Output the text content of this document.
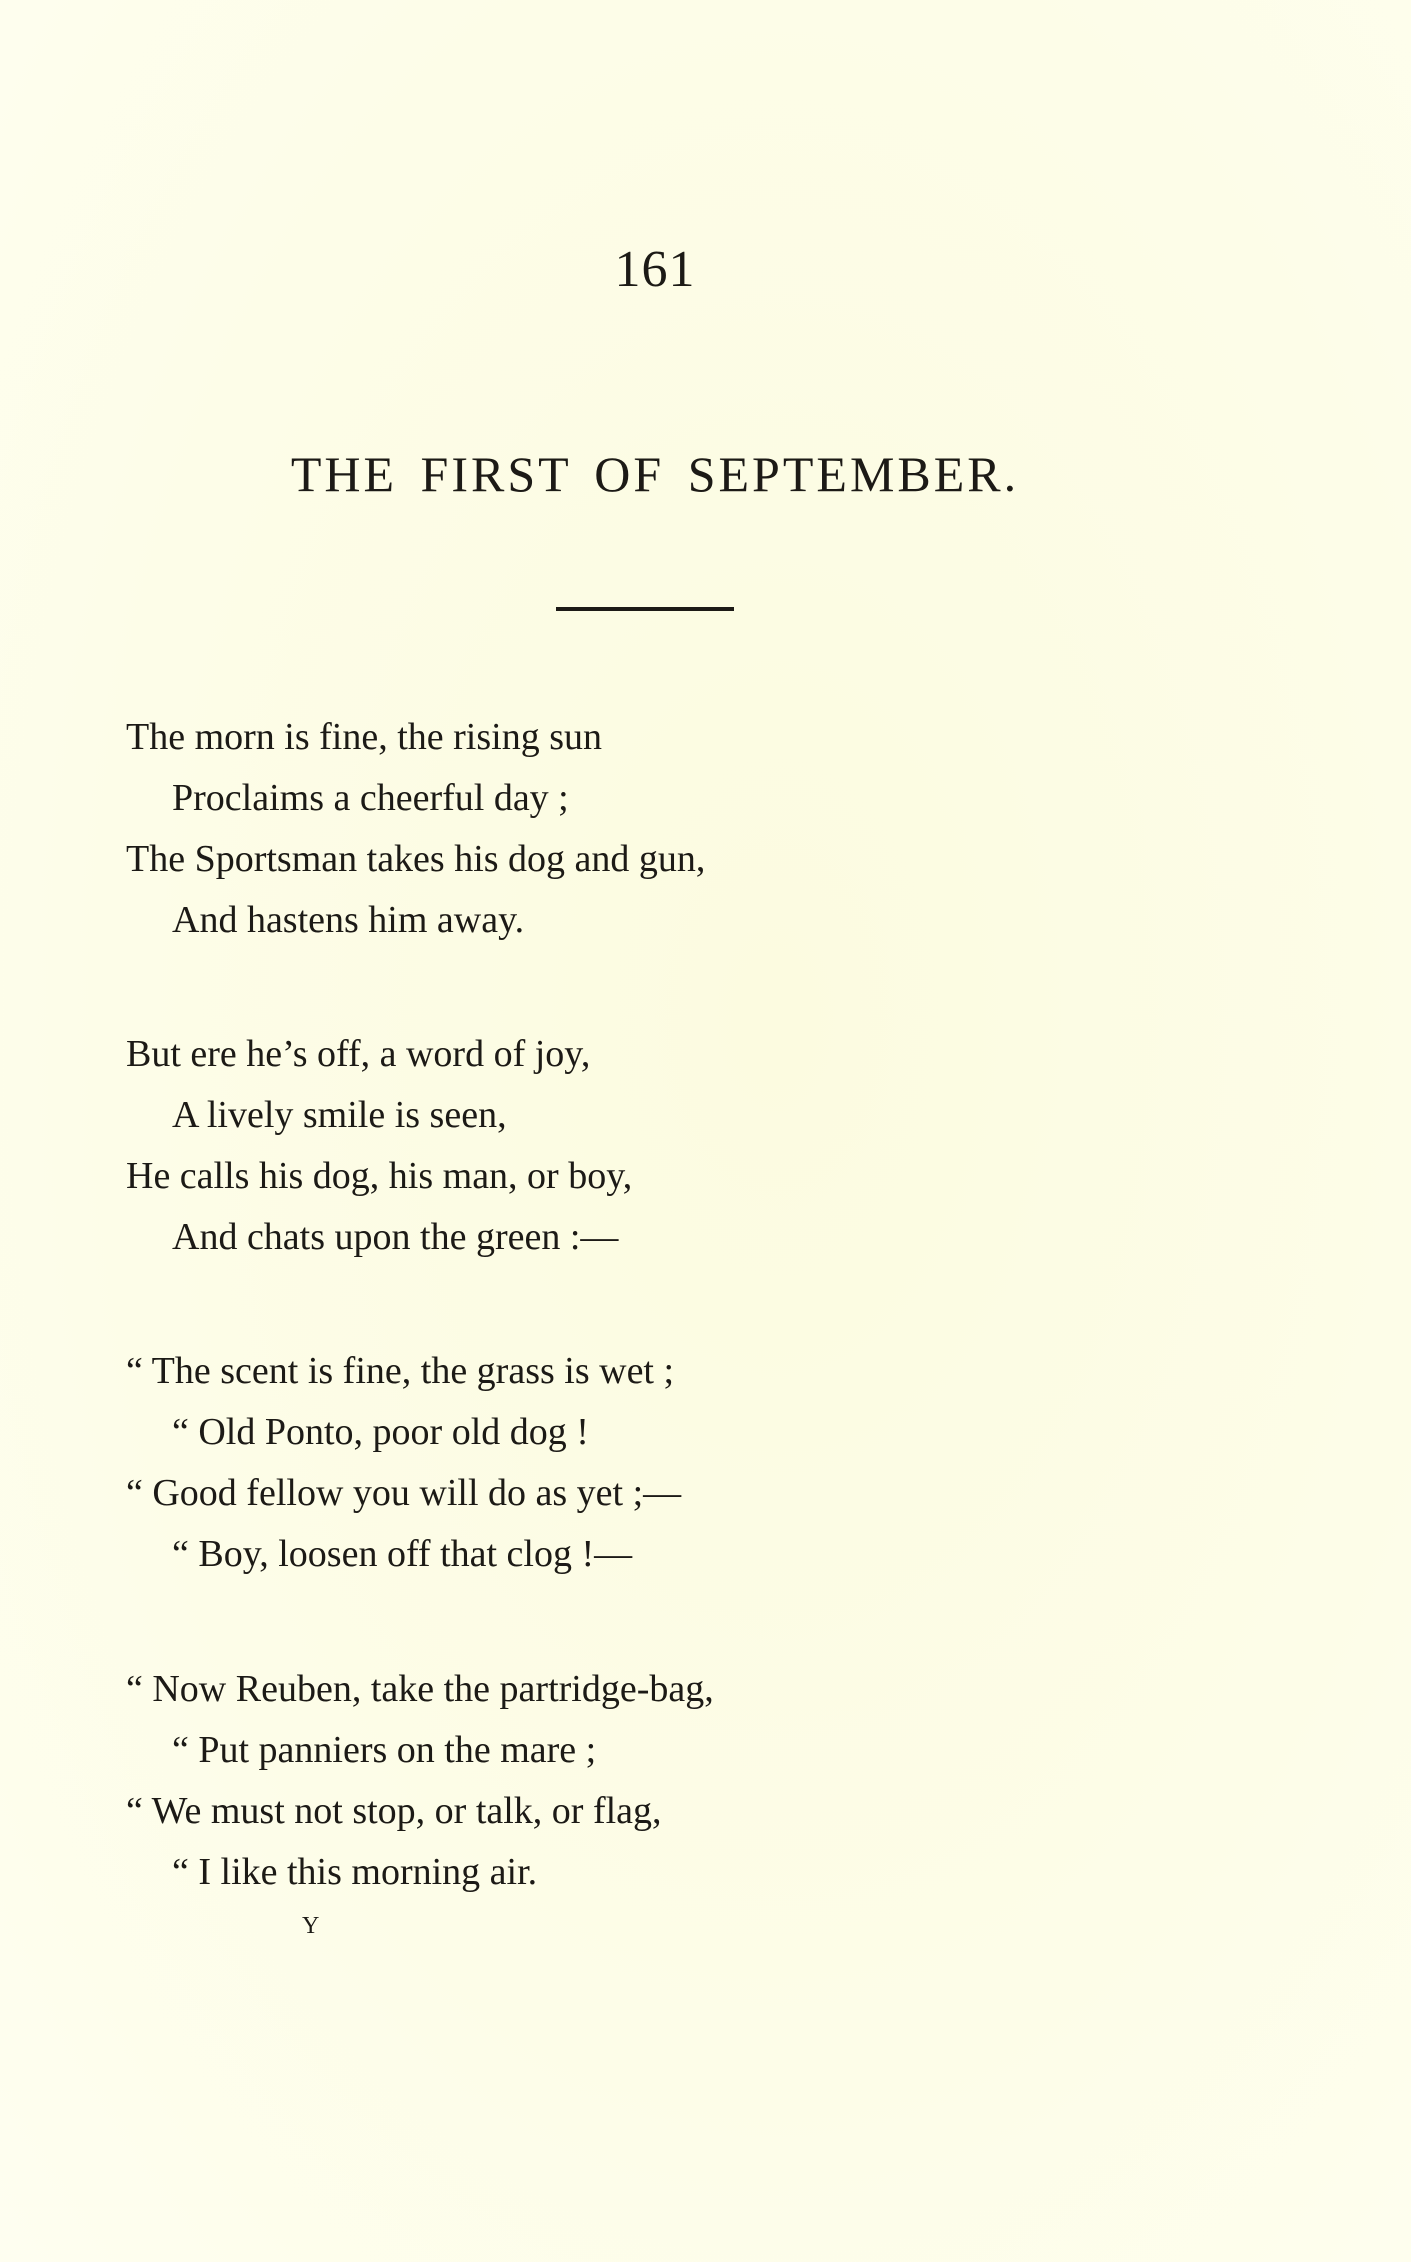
161
THE FIRST OF SEPTEMBER.
The morn is fine, the rising sun
Proclaims a cheerful day ;
The Sportsman takes his dog and gun,
And hastens him away.
But ere he’s off, a word of joy,
A lively smile is seen,
He calls his dog, his man, or boy,
And chats upon the green :—
“ The scent is fine, the grass is wet ;
“ Old Ponto, poor old dog !
“ Good fellow you will do as yet ;—
“ Boy, loosen off that clog !—
“ Now Reuben, take the partridge-bag,
“ Put panniers on the mare ;
“ We must not stop, or talk, or flag,
“ I like this morning air.
Y
